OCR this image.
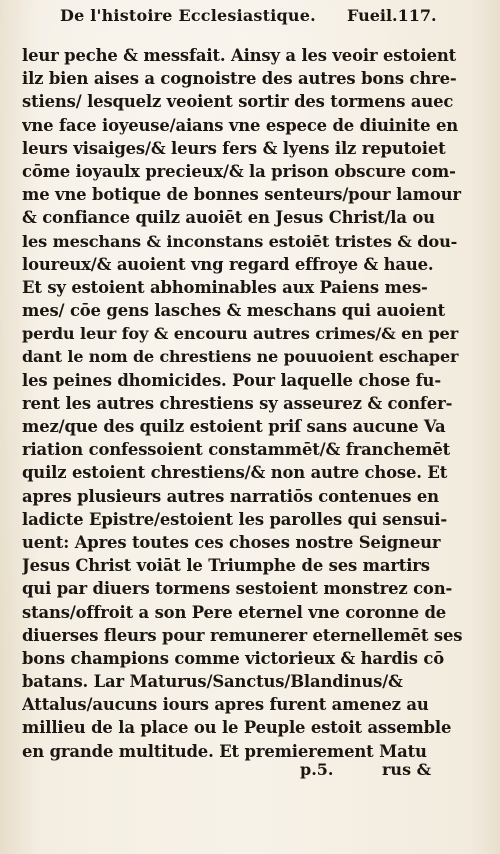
De l'histoire Ecclesiastique.	Fueil.117.
leur peche & messfait. Ainsy a les veoir estoient
ilz bien aises a cognoistre des autres bons chre-
stiens/ lesquelz veoient sortir des tormens auec
vne face ioyeuse/aians vne espece de diuinite en
leurs visaiges/& leurs fers & lyens ilz reputoiet
cōme ioyaulx precieux/& la prison obscure com-
me vne botique de bonnes senteurs/pour lamour
& confiance quilz auoiēt en Jesus Christ/la ou
les meschans & inconstans estoiēt tristes & dou-
loureux/& auoient vng regard effroye & haue.
Et sy estoient abhominables aux Paiens mes-
mes/ cōe gens lasches & meschans qui auoient
perdu leur foy & encouru autres crimes/& en per
dant le nom de chrestiens ne pouuoient eschaper
les peines dhomicides. Pour laquelle chose fu-
rent les autres chrestiens sy asseurez & confer-
mez/que des quilz estoient priſ sans aucune Va
riation confessoient constammēt/& franchemēt
quilz estoient chrestiens/& non autre chose. Et
apres plusieurs autres narratiōs contenues en
ladicte Epistre/estoient les parolles qui sensui-
uent: Apres toutes ces choses nostre Seigneur
Jesus Christ voiāt le Triumphe de ses martirs
qui par diuers tormens sestoient monstrez con-
stans/offroit a son Pere eternel vne coronne de
diuerses fleurs pour remunerer eternellemēt ses
bons champions comme victorieux & hardis cō
batans. Lar Maturus/Sanctus/Blandinus/&
Attalus/aucuns iours apres furent amenez au
millieu de la place ou le Peuple estoit assemble
en grande multitude. Et premierement Matu
p.5.	rus &
